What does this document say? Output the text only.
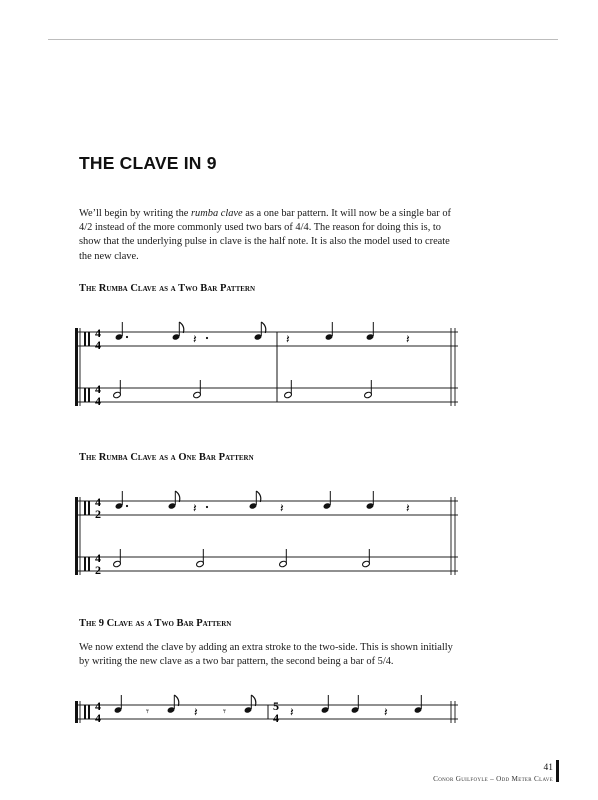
THE CLAVE IN 9

We’ll begin by writing the rumba clave as a one bar pattern. It will now be a single bar of 4/2 instead of the more commonly used two bars of 4/4. The reason for doing this is, to show that the underlying pulse in clave is the half note. It is also the model used to create the new clave.

The Rumba Clave as a Two Bar Pattern
4
4
4
4
𝄽	𝄽	𝄽
The Rumba Clave as a One Bar Pattern
4
2
4
2
𝄽	𝄽	𝄽
The 9 Clave as a Two Bar Pattern

We now extend the clave by adding an extra stroke to the two-side. This is shown initially by writing the new clave as a two bar pattern, the second being a bar of 5/4.

4
4	𝄾	𝄽 𝄾	5
4 𝄽	𝄽
41
Conor Guilfoyle – Odd Meter Clave
